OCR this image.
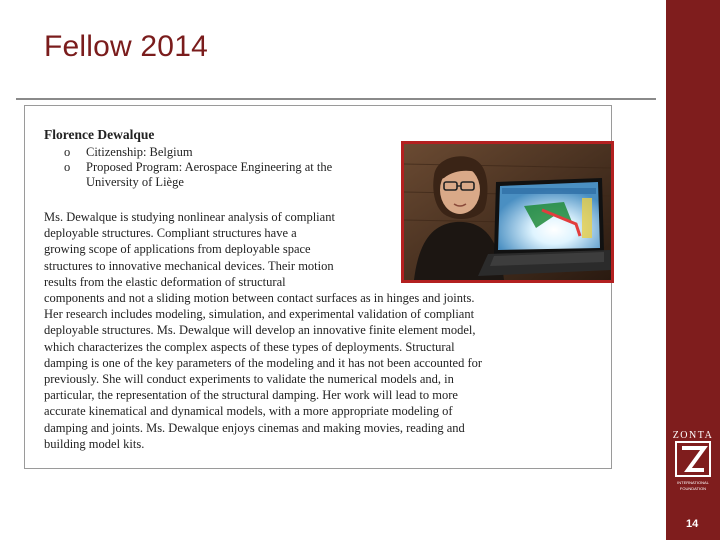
Fellow 2014
Florence Dewalque
o Citizenship: Belgium
o Proposed Program: Aerospace Engineering at the
University of Liège
Ms. Dewalque is studying nonlinear analysis of compliant
deployable structures. Compliant structures have a
growing scope of applications from deployable space
structures to innovative mechanical devices. Their motion
results from the elastic deformation of structural
components and not a sliding motion between contact surfaces as in hinges and joints.
Her research includes modeling, simulation, and experimental validation of compliant
deployable structures. Ms. Dewalque will develop an innovative finite element model,
which characterizes the complex aspects of these types of deployments. Structural
damping is one of the key parameters of the modeling and it has not been accounted for
previously. She will conduct experiments to validate the numerical models and, in
particular, the representation of the structural damping. Her work will lead to more
accurate kinematical and dynamical models, with a more appropriate modeling of
damping and joints. Ms. Dewalque enjoys cinemas and making movies, reading and
building model kits.
ZONTA
INTERNATIONAL
FOUNDATION
14
